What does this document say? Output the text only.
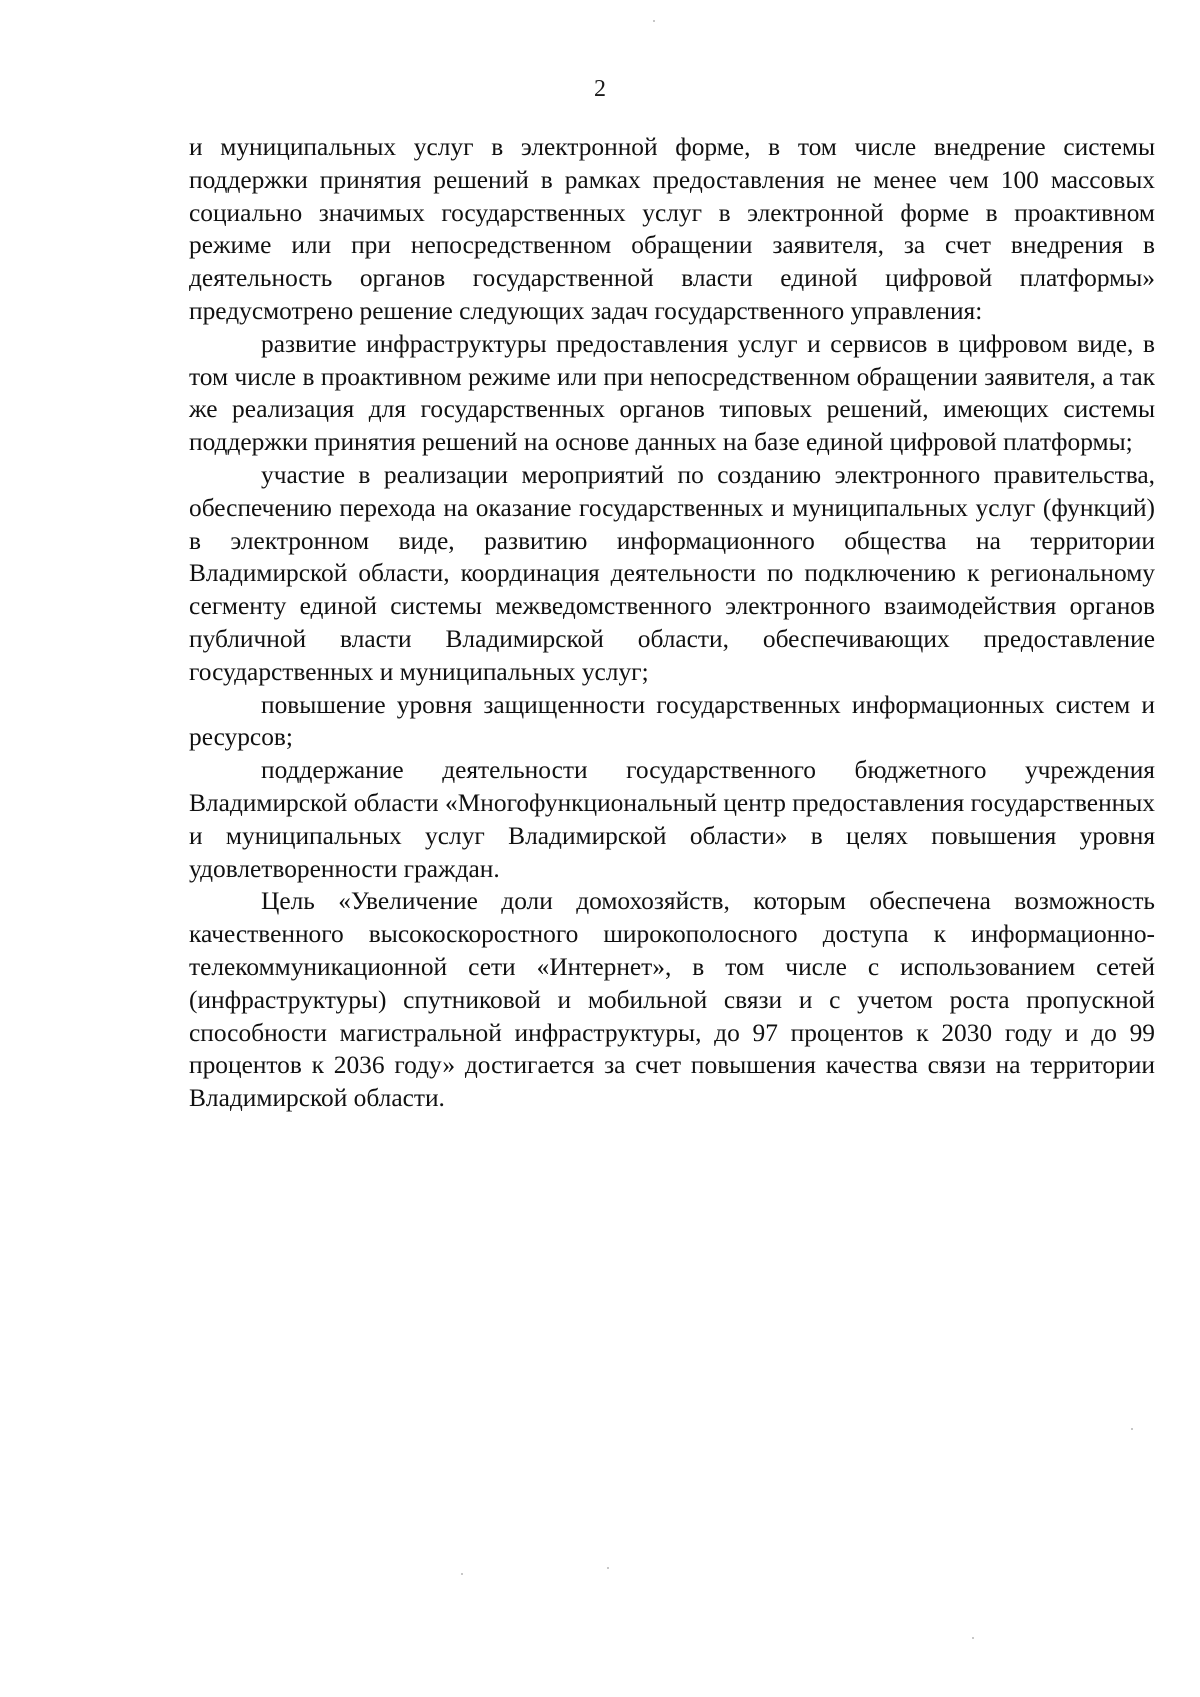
2

и муниципальных услуг в электронной форме, в том числе внедрение системы поддержки принятия решений в рамках предоставления не менее чем 100 массовых социально значимых государственных услуг в электронной форме в проактивном режиме или при непосредственном обращении заявителя, за счет внедрения в деятельность органов государственной власти единой цифровой платформы» предусмотрено решение следующих задач государственного управления:

развитие инфраструктуры предоставления услуг и сервисов в цифровом виде, в том числе в проактивном режиме или при непосредственном обращении заявителя, а так же реализация для государственных органов типовых решений, имеющих системы поддержки принятия решений на основе данных на базе единой цифровой платформы;

участие в реализации мероприятий по созданию электронного правительства, обеспечению перехода на оказание государственных и муниципальных услуг (функций) в электронном виде, развитию информационного общества на территории Владимирской области, координация деятельности по подключению к региональному сегменту единой системы межведомственного электронного взаимодействия органов публичной власти Владимирской области, обеспечивающих предоставление государственных и муниципальных услуг;

повышение уровня защищенности государственных информационных систем и ресурсов;

поддержание деятельности государственного бюджетного учреждения Владимирской области «Многофункциональный центр предоставления государственных и муниципальных услуг Владимирской области» в целях повышения уровня удовлетворенности граждан.

Цель «Увеличение доли домохозяйств, которым обеспечена возможность качественного высокоскоростного широкополосного доступа к информационно-телекоммуникационной сети «Интернет», в том числе с использованием сетей (инфраструктуры) спутниковой и мобильной связи и с учетом роста пропускной способности магистральной инфраструктуры, до 97 процентов к 2030 году и до 99 процентов к 2036 году» достигается за счет повышения качества связи на территории Владимирской области.
